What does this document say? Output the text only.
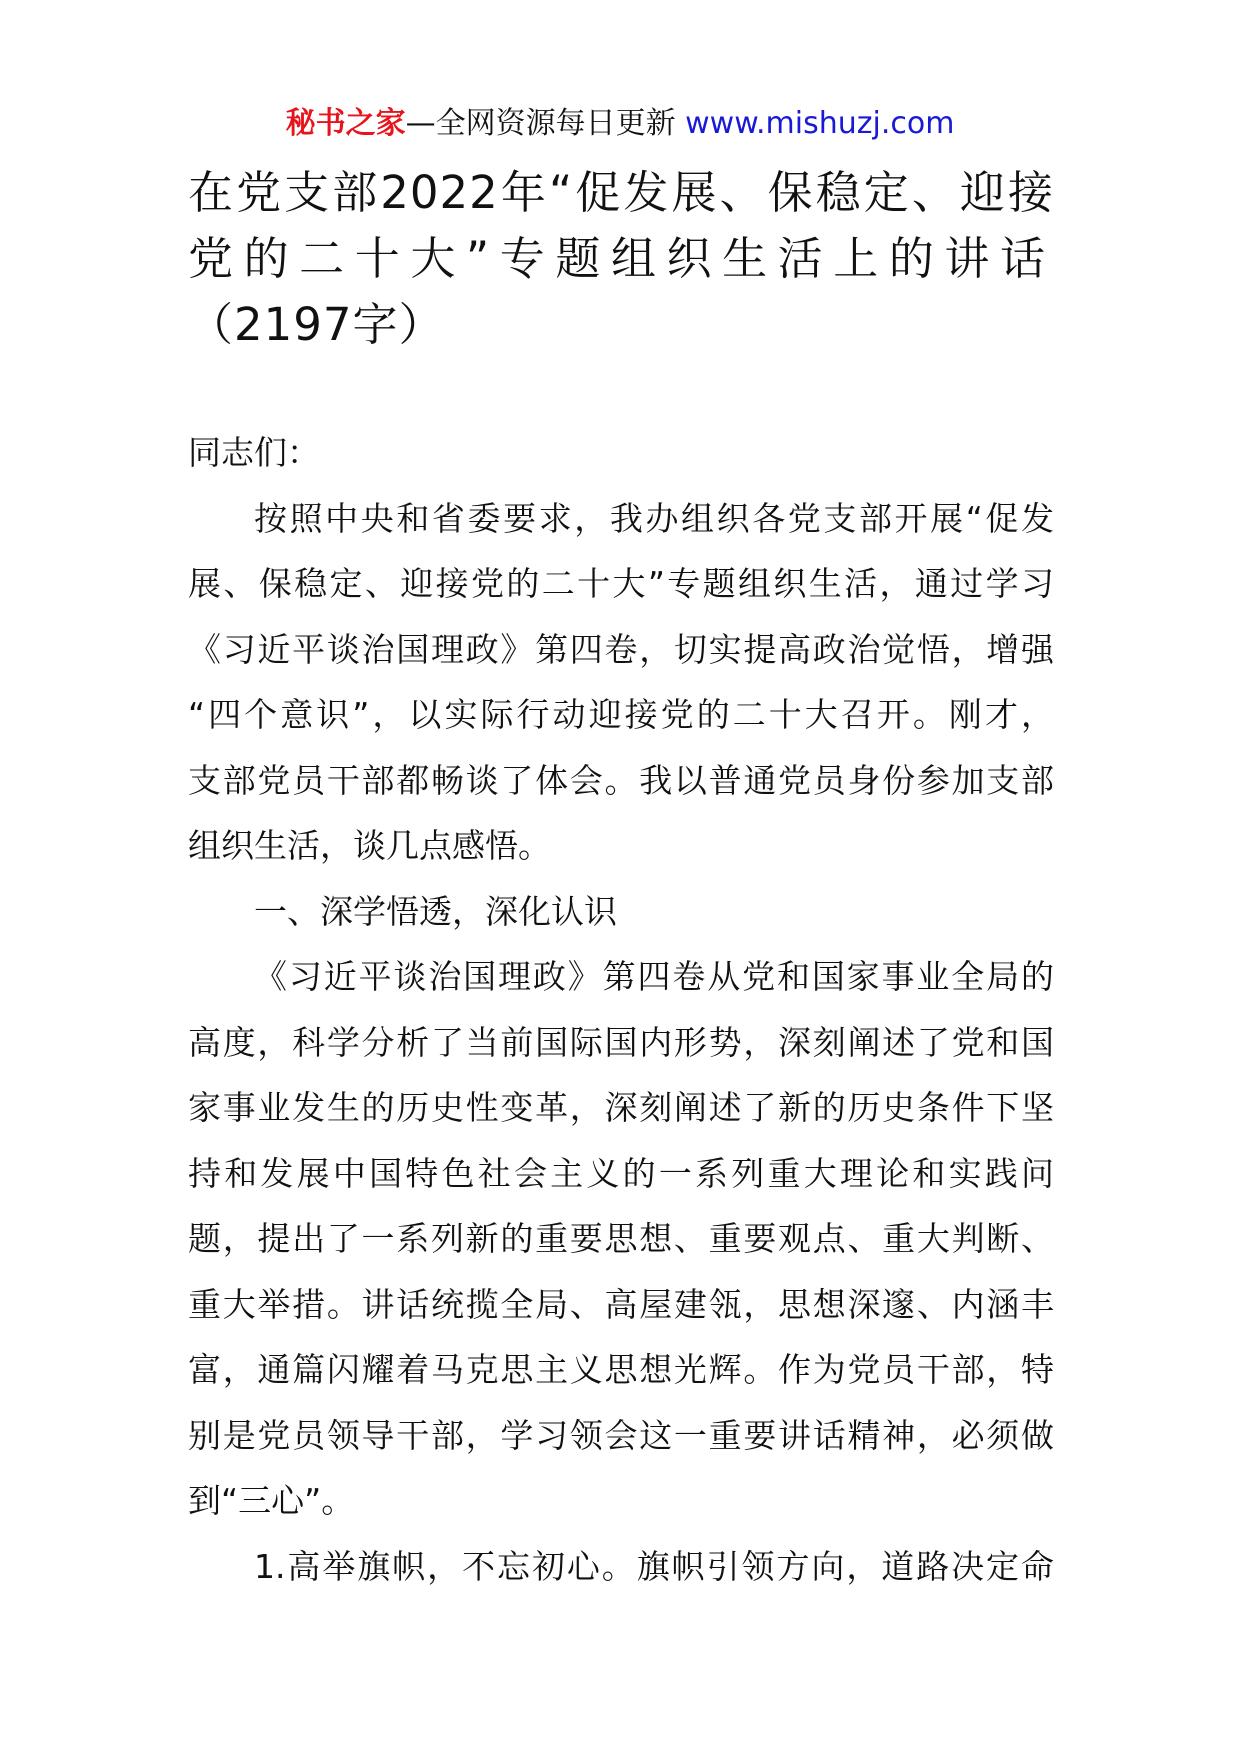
秘书之家—全网资源每日更新 www.mishuzj.com
在党支部2022年“促发展、保稳定、迎接
党的二十大”专题组织生活上的讲话
（2197字）
同志们：
按照中央和省委要求，我办组织各党支部开展“促发
展、保稳定、迎接党的二十大”专题组织生活，通过学习
《习近平谈治国理政》第四卷，切实提高政治觉悟，增强
“四个意识”，以实际行动迎接党的二十大召开。刚才，
支部党员干部都畅谈了体会。我以普通党员身份参加支部
组织生活，谈几点感悟。
一、深学悟透，深化认识
《习近平谈治国理政》第四卷从党和国家事业全局的
高度，科学分析了当前国际国内形势，深刻阐述了党和国
家事业发生的历史性变革，深刻阐述了新的历史条件下坚
持和发展中国特色社会主义的一系列重大理论和实践问
题，提出了一系列新的重要思想、重要观点、重大判断、
重大举措。讲话统揽全局、高屋建瓴，思想深邃、内涵丰
富，通篇闪耀着马克思主义思想光辉。作为党员干部，特
别是党员领导干部，学习领会这一重要讲话精神，必须做
到“三心”。
1.高举旗帜，不忘初心。旗帜引领方向，道路决定命
